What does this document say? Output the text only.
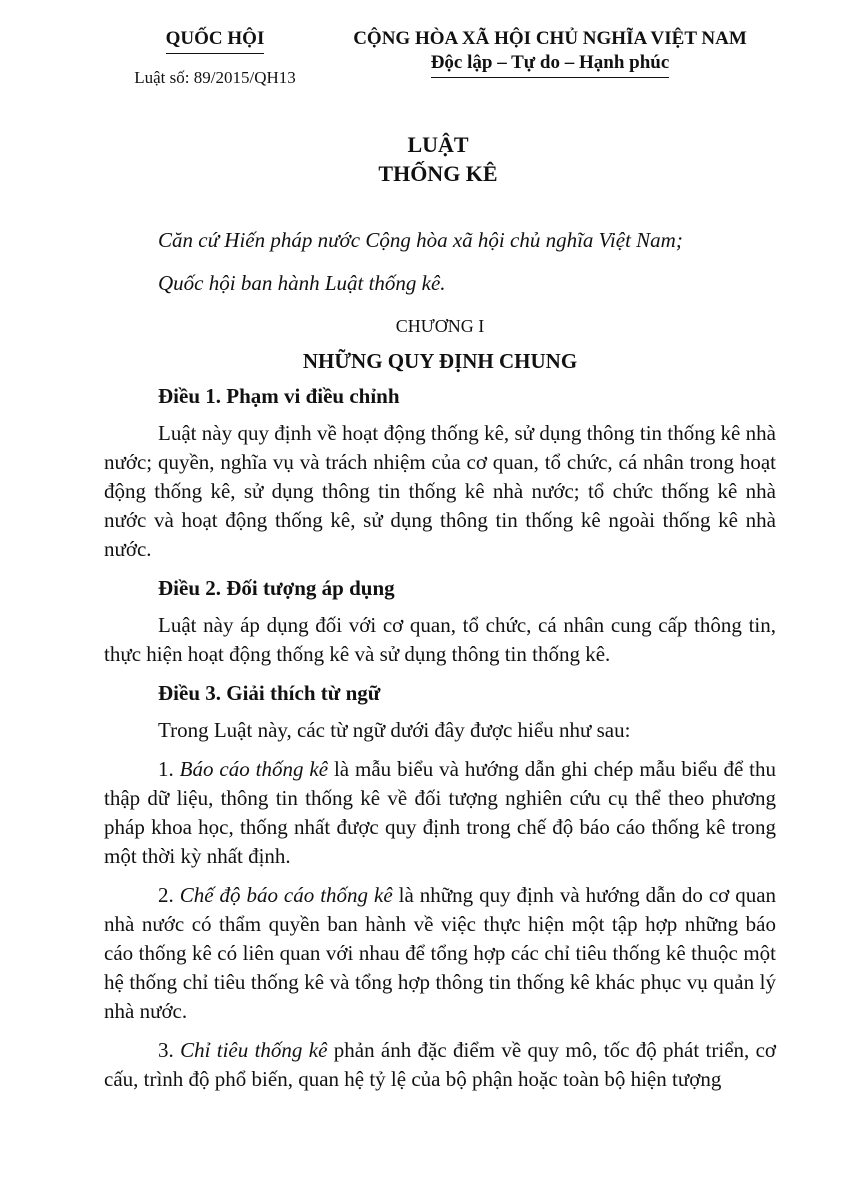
QUỐC HỘI
Luật số: 89/2015/QH13
CỘNG HÒA XÃ HỘI CHỦ NGHĨA VIỆT NAM
Độc lập – Tự do – Hạnh phúc
LUẬT
THỐNG KÊ

Căn cứ Hiến pháp nước Cộng hòa xã hội chủ nghĩa Việt Nam;

Quốc hội ban hành Luật thống kê.

CHƯƠNG I
NHỮNG QUY ĐỊNH CHUNG
Điều 1. Phạm vi điều chỉnh

Luật này quy định về hoạt động thống kê, sử dụng thông tin thống kê nhà nước; quyền, nghĩa vụ và trách nhiệm của cơ quan, tổ chức, cá nhân trong hoạt động thống kê, sử dụng thông tin thống kê nhà nước; tổ chức thống kê nhà nước và hoạt động thống kê, sử dụng thông tin thống kê ngoài thống kê nhà nước.

Điều 2. Đối tượng áp dụng

Luật này áp dụng đối với cơ quan, tổ chức, cá nhân cung cấp thông tin, thực hiện hoạt động thống kê và sử dụng thông tin thống kê.

Điều 3. Giải thích từ ngữ

Trong Luật này, các từ ngữ dưới đây được hiểu như sau:

1. Báo cáo thống kê là mẫu biểu và hướng dẫn ghi chép mẫu biểu để thu thập dữ liệu, thông tin thống kê về đối tượng nghiên cứu cụ thể theo phương pháp khoa học, thống nhất được quy định trong chế độ báo cáo thống kê trong một thời kỳ nhất định.

2. Chế độ báo cáo thống kê là những quy định và hướng dẫn do cơ quan nhà nước có thẩm quyền ban hành về việc thực hiện một tập hợp những báo cáo thống kê có liên quan với nhau để tổng hợp các chỉ tiêu thống kê thuộc một hệ thống chỉ tiêu thống kê và tổng hợp thông tin thống kê khác phục vụ quản lý nhà nước.

3. Chỉ tiêu thống kê phản ánh đặc điểm về quy mô, tốc độ phát triển, cơ cấu, trình độ phổ biến, quan hệ tỷ lệ của bộ phận hoặc toàn bộ hiện tượng
